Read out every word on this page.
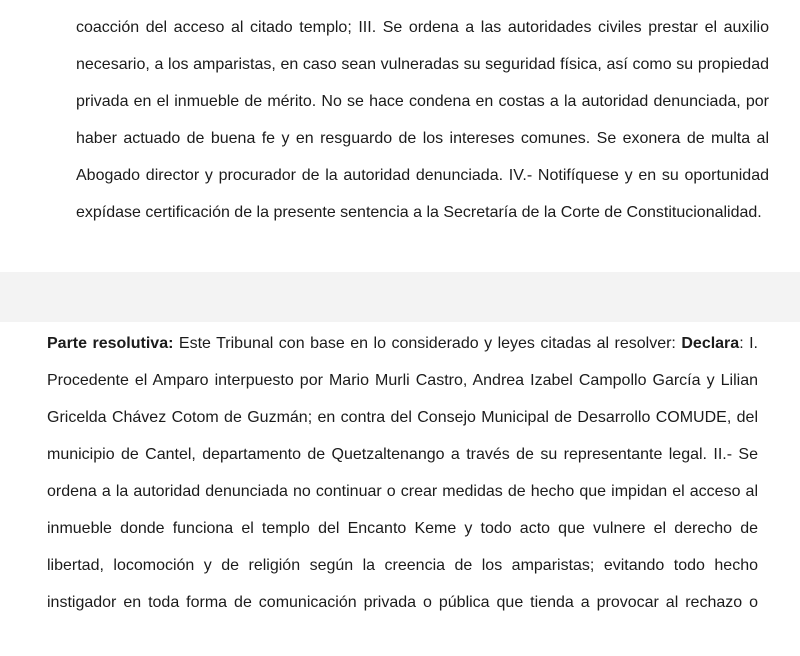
coacción del acceso al citado templo; III. Se ordena a las autoridades civiles prestar el auxilio
necesario, a los amparistas, en caso sean vulneradas su seguridad física, así como su propiedad
privada en el inmueble de mérito. No se hace condena en costas a la autoridad denunciada, por
haber actuado de buena fe y en resguardo de los intereses comunes. Se exonera de multa al
Abogado director y procurador de la autoridad denunciada. IV.- Notifíquese y en su oportunidad
expídase certificación de la presente sentencia a la Secretaría de la Corte de Constitucionalidad.
Parte resolutiva: Este Tribunal con base en lo considerado y leyes citadas al resolver: Declara: I.
Procedente el Amparo interpuesto por Mario Murli Castro, Andrea Izabel Campollo García y Lilian
Gricelda Chávez Cotom de Guzmán; en contra del Consejo Municipal de Desarrollo COMUDE, del
municipio de Cantel, departamento de Quetzaltenango a través de su representante legal. II.- Se
ordena a la autoridad denunciada no continuar o crear medidas de hecho que impidan el acceso al
inmueble donde funciona el templo del Encanto Keme y todo acto que vulnere el derecho de
libertad, locomoción y de religión según la creencia de los amparistas; evitando todo hecho
instigador en toda forma de comunicación privada o pública que tienda a provocar al rechazo o
